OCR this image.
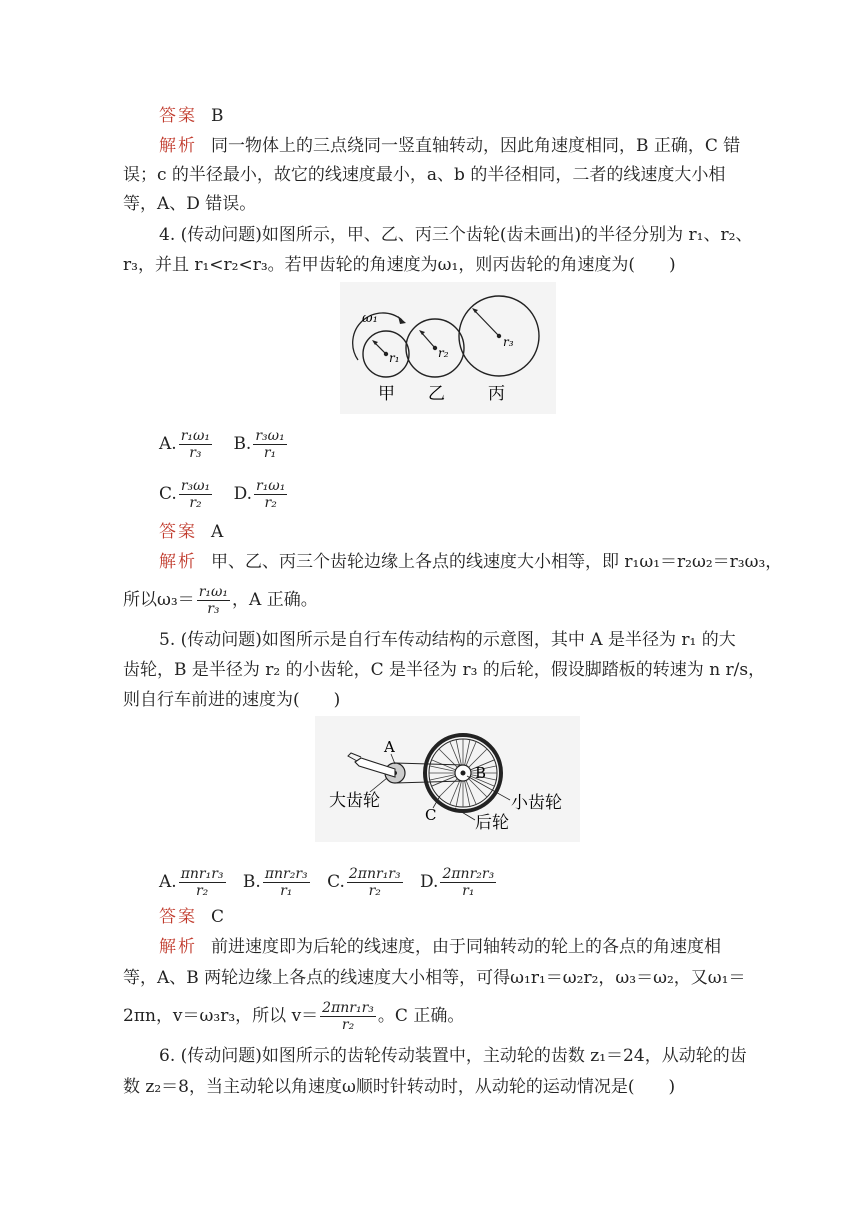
答案 B
解析 同一物体上的三点绕同一竖直轴转动，因此角速度相同，B 正确，C 错
误；c 的半径最小，故它的线速度最小，a、b 的半径相同，二者的线速度大小相
等，A、D 错误。
4. (传动问题)如图所示，甲、乙、丙三个齿轮(齿未画出)的半径分别为 r₁、r₂、
r₃，并且 r₁<r₂<r₃。若甲齿轮的角速度为ω₁，则丙齿轮的角速度为(　　)
ω₁
r₁	r₂
r₃
甲 乙	丙
A. $\frac{\text{r₁ω₁}}{\text{r₃}} B$. $\frac{\text{r₃ω₁}}{\text{r₁}}$
C. $\frac{\text{r₃ω₁}}{\text{r₂}} D$. $\frac{\text{r₁ω₁}}{\text{r₂}}$
答案 A
解析 甲、乙、丙三个齿轮边缘上各点的线速度大小相等，即 r₁ω₁＝r₂ω₂＝r₃ω₃，
所以$\omega_3= \frac{\text{r₁ω₁}}{\text{r₃}}$ ，A 正确。
5. (传动问题)如图所示是自行车传动结构的示意图，其中 A 是半径为 r₁ 的大
齿轮，B 是半径为 r₂ 的小齿轮，C 是半径为 r₃ 的后轮，假设脚踏板的转速为 n r/s，
则自行车前进的速度为(　　)
A
B
C
大齿轮	小齿轮
后轮
A. $\frac{\text{πnr₁r₃}}{\text{r₂}} B$. $\frac{\text{πnr₂r₃}}{\text{r₁}} C$. $\frac{\text{2πnr₁r₃}}{\text{r₂}} D$. $\frac{\text{2πnr₂r₃}}{\text{r₁}}$
答案 C
解析 前进速度即为后轮的线速度，由于同轴转动的轮上的各点的角速度相
等，A、B 两轮边缘上各点的线速度大小相等，可得ω₁r₁＝ω₂r₂，ω₃＝ω₂，又ω₁＝
2πn，v＝ω₃r₃，所以 $v= \frac{\text{2πnr₁r₃}}{\text{r₂}}$ 。C 正确。
6. (传动问题)如图所示的齿轮传动装置中，主动轮的齿数 z₁＝24，从动轮的齿
数 z₂＝8，当主动轮以角速度ω顺时针转动时，从动轮的运动情况是(　　)
